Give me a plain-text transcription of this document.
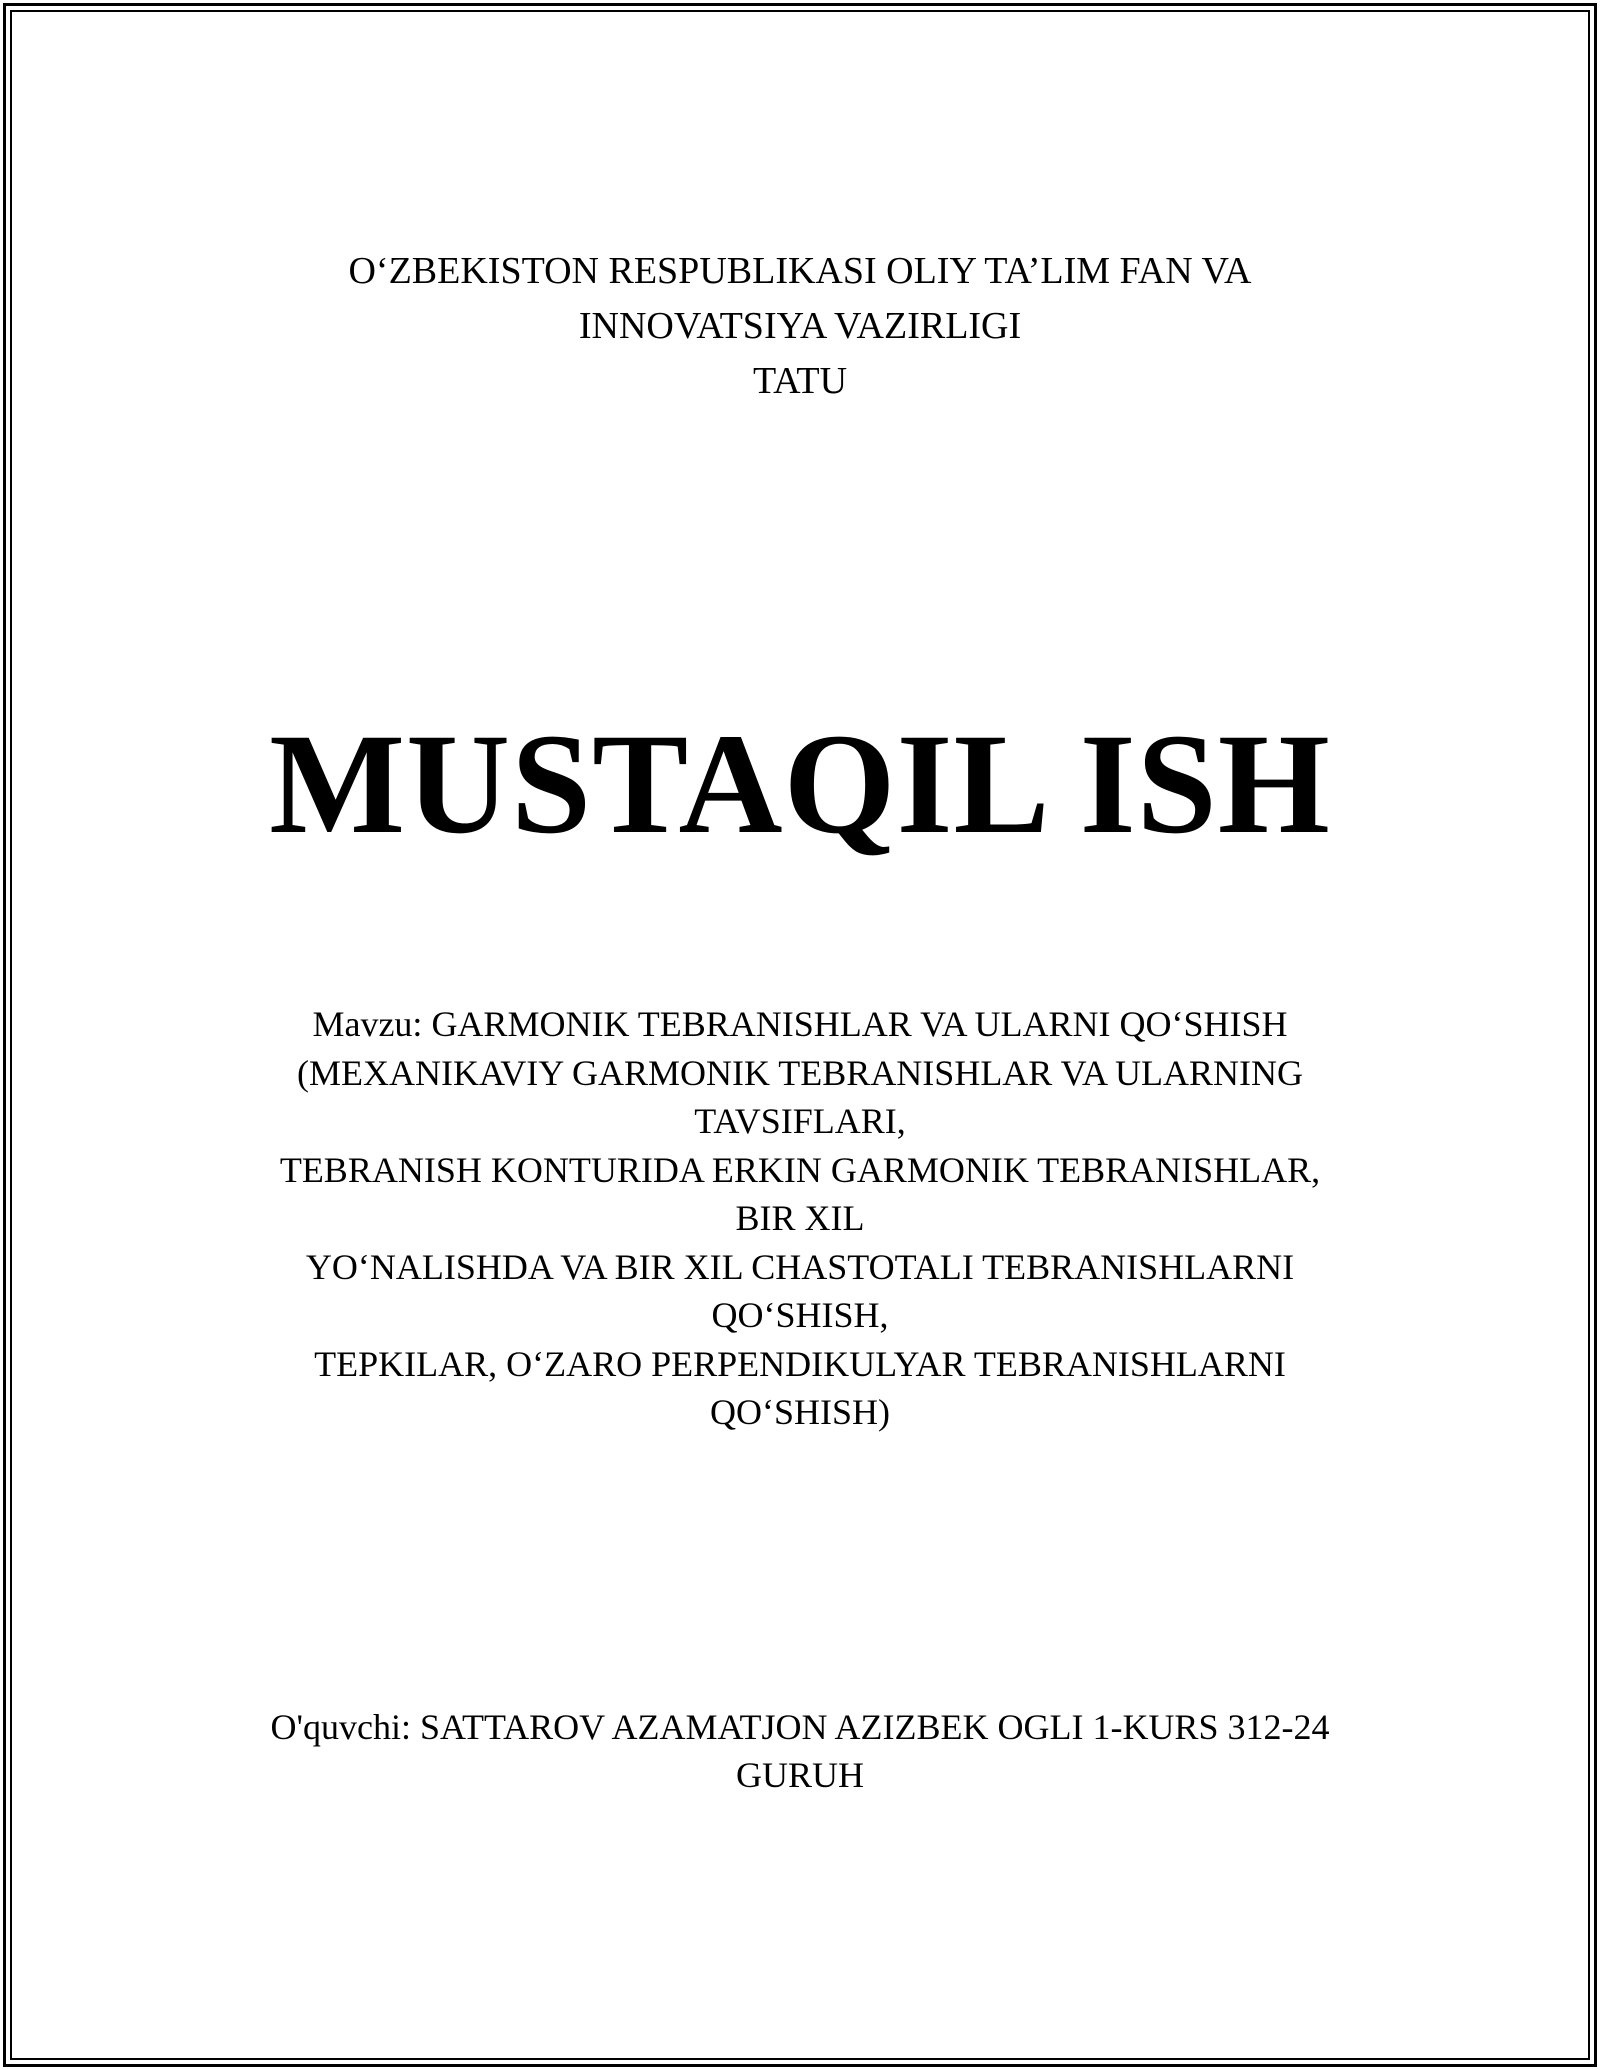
O‘ZBEKISTON RESPUBLIKASI OLIY TA’LIM FAN VA
INNOVATSIYA VAZIRLIGI
TATU
MUSTAQIL ISH
Mavzu: GARMONIK TEBRANISHLAR VA ULARNI QO‘SHISH
(MEXANIKAVIY GARMONIK TEBRANISHLAR VA ULARNING
TAVSIFLARI,
TEBRANISH KONTURIDA ERKIN GARMONIK TEBRANISHLAR,
BIR XIL
YO‘NALISHDA VA BIR XIL CHASTOTALI TEBRANISHLARNI
QO‘SHISH,
TEPKILAR, O‘ZARO PERPENDIKULYAR TEBRANISHLARNI
QO‘SHISH)
O'quvchi: SATTAROV AZAMATJON AZIZBEK OGLI 1-KURS 312-24
GURUH
